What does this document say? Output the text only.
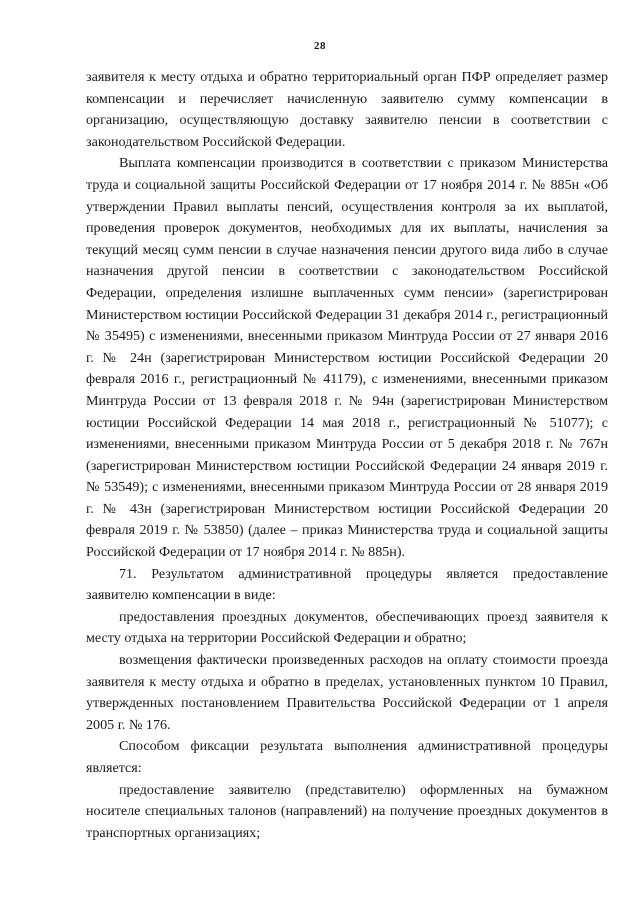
28

заявителя к месту отдыха и обратно территориальный орган ПФР определяет размер компенсации и перечисляет начисленную заявителю сумму компенсации в организацию, осуществляющую доставку заявителю пенсии в соответствии с законодательством Российской Федерации.

Выплата компенсации производится в соответствии с приказом Министерства труда и социальной защиты Российской Федерации от 17 ноября 2014 г. № 885н «Об утверждении Правил выплаты пенсий, осуществления контроля за их выплатой, проведения проверок документов, необходимых для их выплаты, начисления за текущий месяц сумм пенсии в случае назначения пенсии другого вида либо в случае назначения другой пенсии в соответствии с законодательством Российской Федерации, определения излишне выплаченных сумм пенсии» (зарегистрирован Министерством юстиции Российской Федерации 31 декабря 2014 г., регистрационный № 35495) с изменениями, внесенными приказом Минтруда России от 27 января 2016 г. № 24н (зарегистрирован Министерством юстиции Российской Федерации 20 февраля 2016 г., регистрационный № 41179), с изменениями, внесенными приказом Минтруда России от 13 февраля 2018 г. № 94н (зарегистрирован Министерством юстиции Российской Федерации 14 мая 2018 г., регистрационный № 51077); с изменениями, внесенными приказом Минтруда России от 5 декабря 2018 г. № 767н (зарегистрирован Министерством юстиции Российской Федерации 24 января 2019 г. № 53549); с изменениями, внесенными приказом Минтруда России от 28 января 2019 г. № 43н (зарегистрирован Министерством юстиции Российской Федерации 20 февраля 2019 г. № 53850) (далее – приказ Министерства труда и социальной защиты Российской Федерации от 17 ноября 2014 г. № 885н).

71. Результатом административной процедуры является предоставление заявителю компенсации в виде:

предоставления проездных документов, обеспечивающих проезд заявителя к месту отдыха на территории Российской Федерации и обратно;

возмещения фактически произведенных расходов на оплату стоимости проезда заявителя к месту отдыха и обратно в пределах, установленных пунктом 10 Правил, утвержденных постановлением Правительства Российской Федерации от 1 апреля 2005 г. № 176.

Способом фиксации результата выполнения административной процедуры является:

предоставление заявителю (представителю) оформленных на бумажном носителе специальных талонов (направлений) на получение проездных документов в транспортных организациях;
